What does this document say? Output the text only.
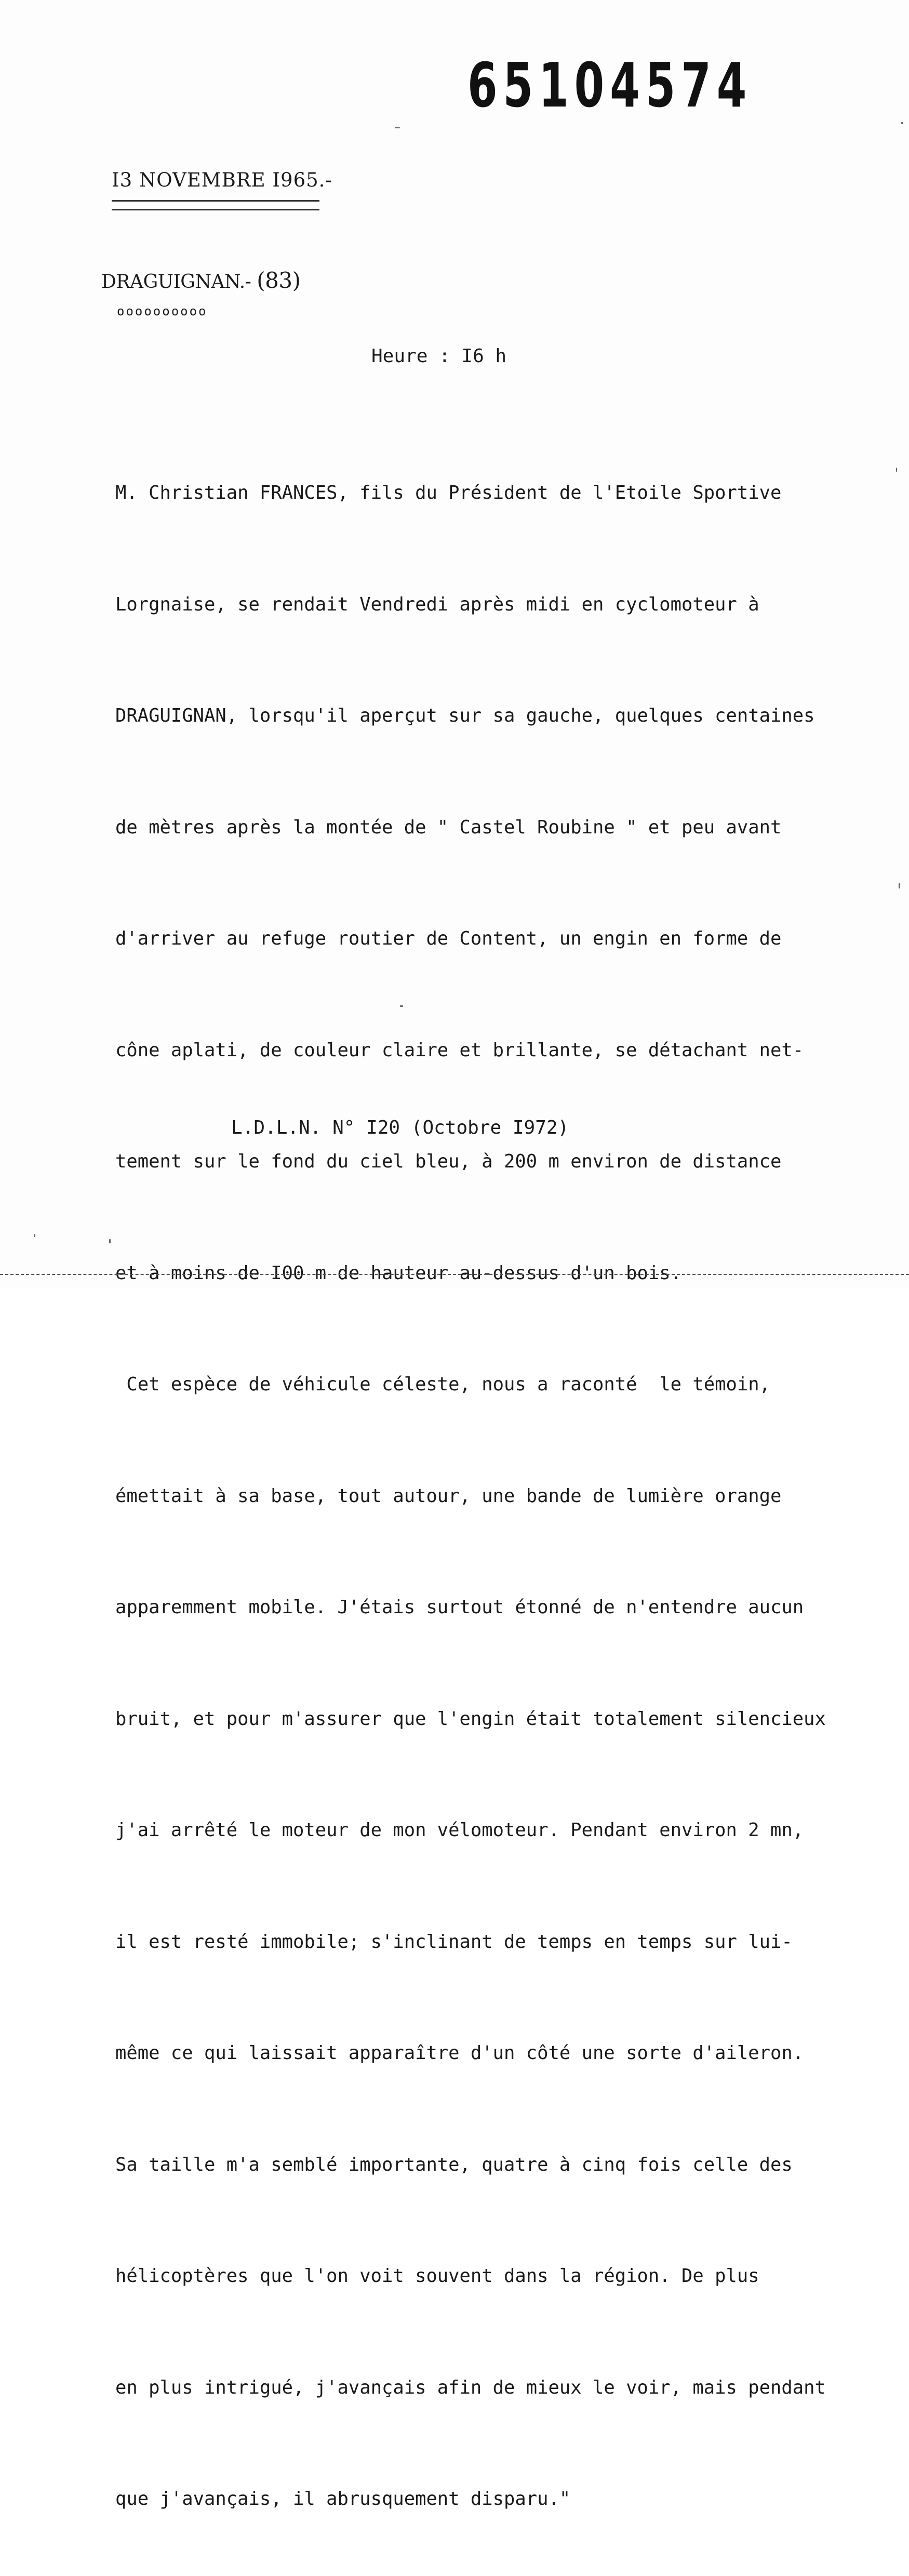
65104574
I3 NOVEMBRE I965.-
DRAGUIGNAN.- (83)
oooooooooo
Heure : I6 h

M. Christian FRANCES, fils du Président de l'Etoile Sportive

Lorgnaise, se rendait Vendredi après midi en cyclomoteur à

DRAGUIGNAN, lorsqu'il aperçut sur sa gauche, quelques centaines

de mètres après la montée de " Castel Roubine " et peu avant

d'arriver au refuge routier de Content, un engin en forme de

cône aplati, de couleur claire et brillante, se détachant net-

tement sur le fond du ciel bleu, à 200 m environ de distance

et à moins de I00 m de hauteur au-dessus d'un bois.

Cet espèce de véhicule céleste, nous a raconté  le témoin,

émettait à sa base, tout autour, une bande de lumière orange

apparemment mobile. J'étais surtout étonné de n'entendre aucun

bruit, et pour m'assurer que l'engin était totalement silencieux

j'ai arrêté le moteur de mon vélomoteur. Pendant environ 2 mn,

il est resté immobile; s'inclinant de temps en temps sur lui-

même ce qui laissait apparaître d'un côté une sorte d'aileron.

Sa taille m'a semblé importante, quatre à cinq fois celle des

hélicoptères que l'on voit souvent dans la région. De plus

en plus intrigué, j'avançais afin de mieux le voir, mais pendant

que j'avançais, il abrusquement disparu."

L.D.L.N. N° I20 (Octobre I972)
